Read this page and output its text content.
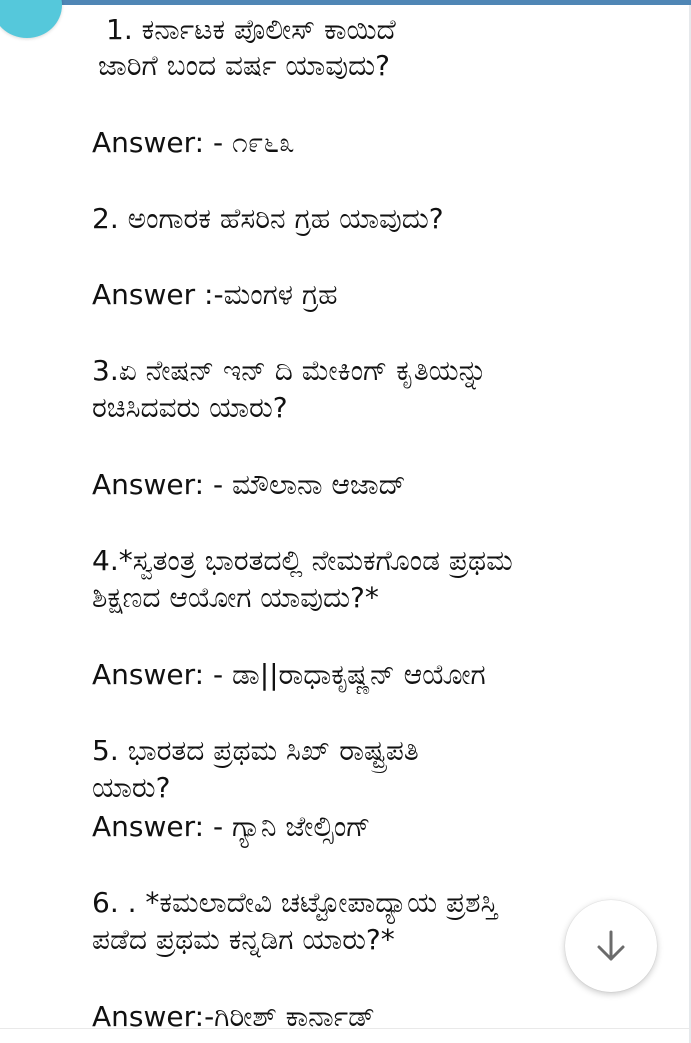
1. ಕರ್ನಾಟಕ ಪೊಲೀಸ್ ಕಾಯಿದೆ
ಜಾರಿಗೆ ಬಂದ ವರ್ಷ ಯಾವುದು?
Answer: - ೧೯೬೩
2. ಅಂಗಾರಕ ಹೆಸರಿನ ಗ್ರಹ ಯಾವುದು?
Answer :-ಮಂಗಳ ಗ್ರಹ
3.ಏ ನೇಷನ್ ಇನ್ ದಿ ಮೇಕಿಂಗ್ ಕೃತಿಯನ್ನು
ರಚಿಸಿದವರು ಯಾರು?
Answer: - ಮೌಲಾನಾ ಆಜಾದ್
4.*ಸ್ವತಂತ್ರ ಭಾರತದಲ್ಲಿ ನೇಮಕಗೊಂಡ ಪ್ರಥಮ
ಶಿಕ್ಷಣದ ಆಯೋಗ ಯಾವುದು?*
Answer: - ಡಾ||ರಾಧಾಕೃಷ್ಣನ್ ಆಯೋಗ
5. ಭಾರತದ ಪ್ರಥಮ ಸಿಖ್ ರಾಷ್ಟ್ರಪತಿ
ಯಾರು?
Answer: - ಗ್ಯಾನಿ ಜೇಲ್ಸಿಂಗ್
6. . *ಕಮಲಾದೇವಿ ಚಟ್ಟೋಪಾದ್ಯಾಯ ಪ್ರಶಸ್ತಿ
ಪಡೆದ ಪ್ರಥಮ ಕನ್ನಡಿಗ ಯಾರು?*
Answer:-ಗಿರೀಶ್ ಕಾರ್ನಾಡ್
